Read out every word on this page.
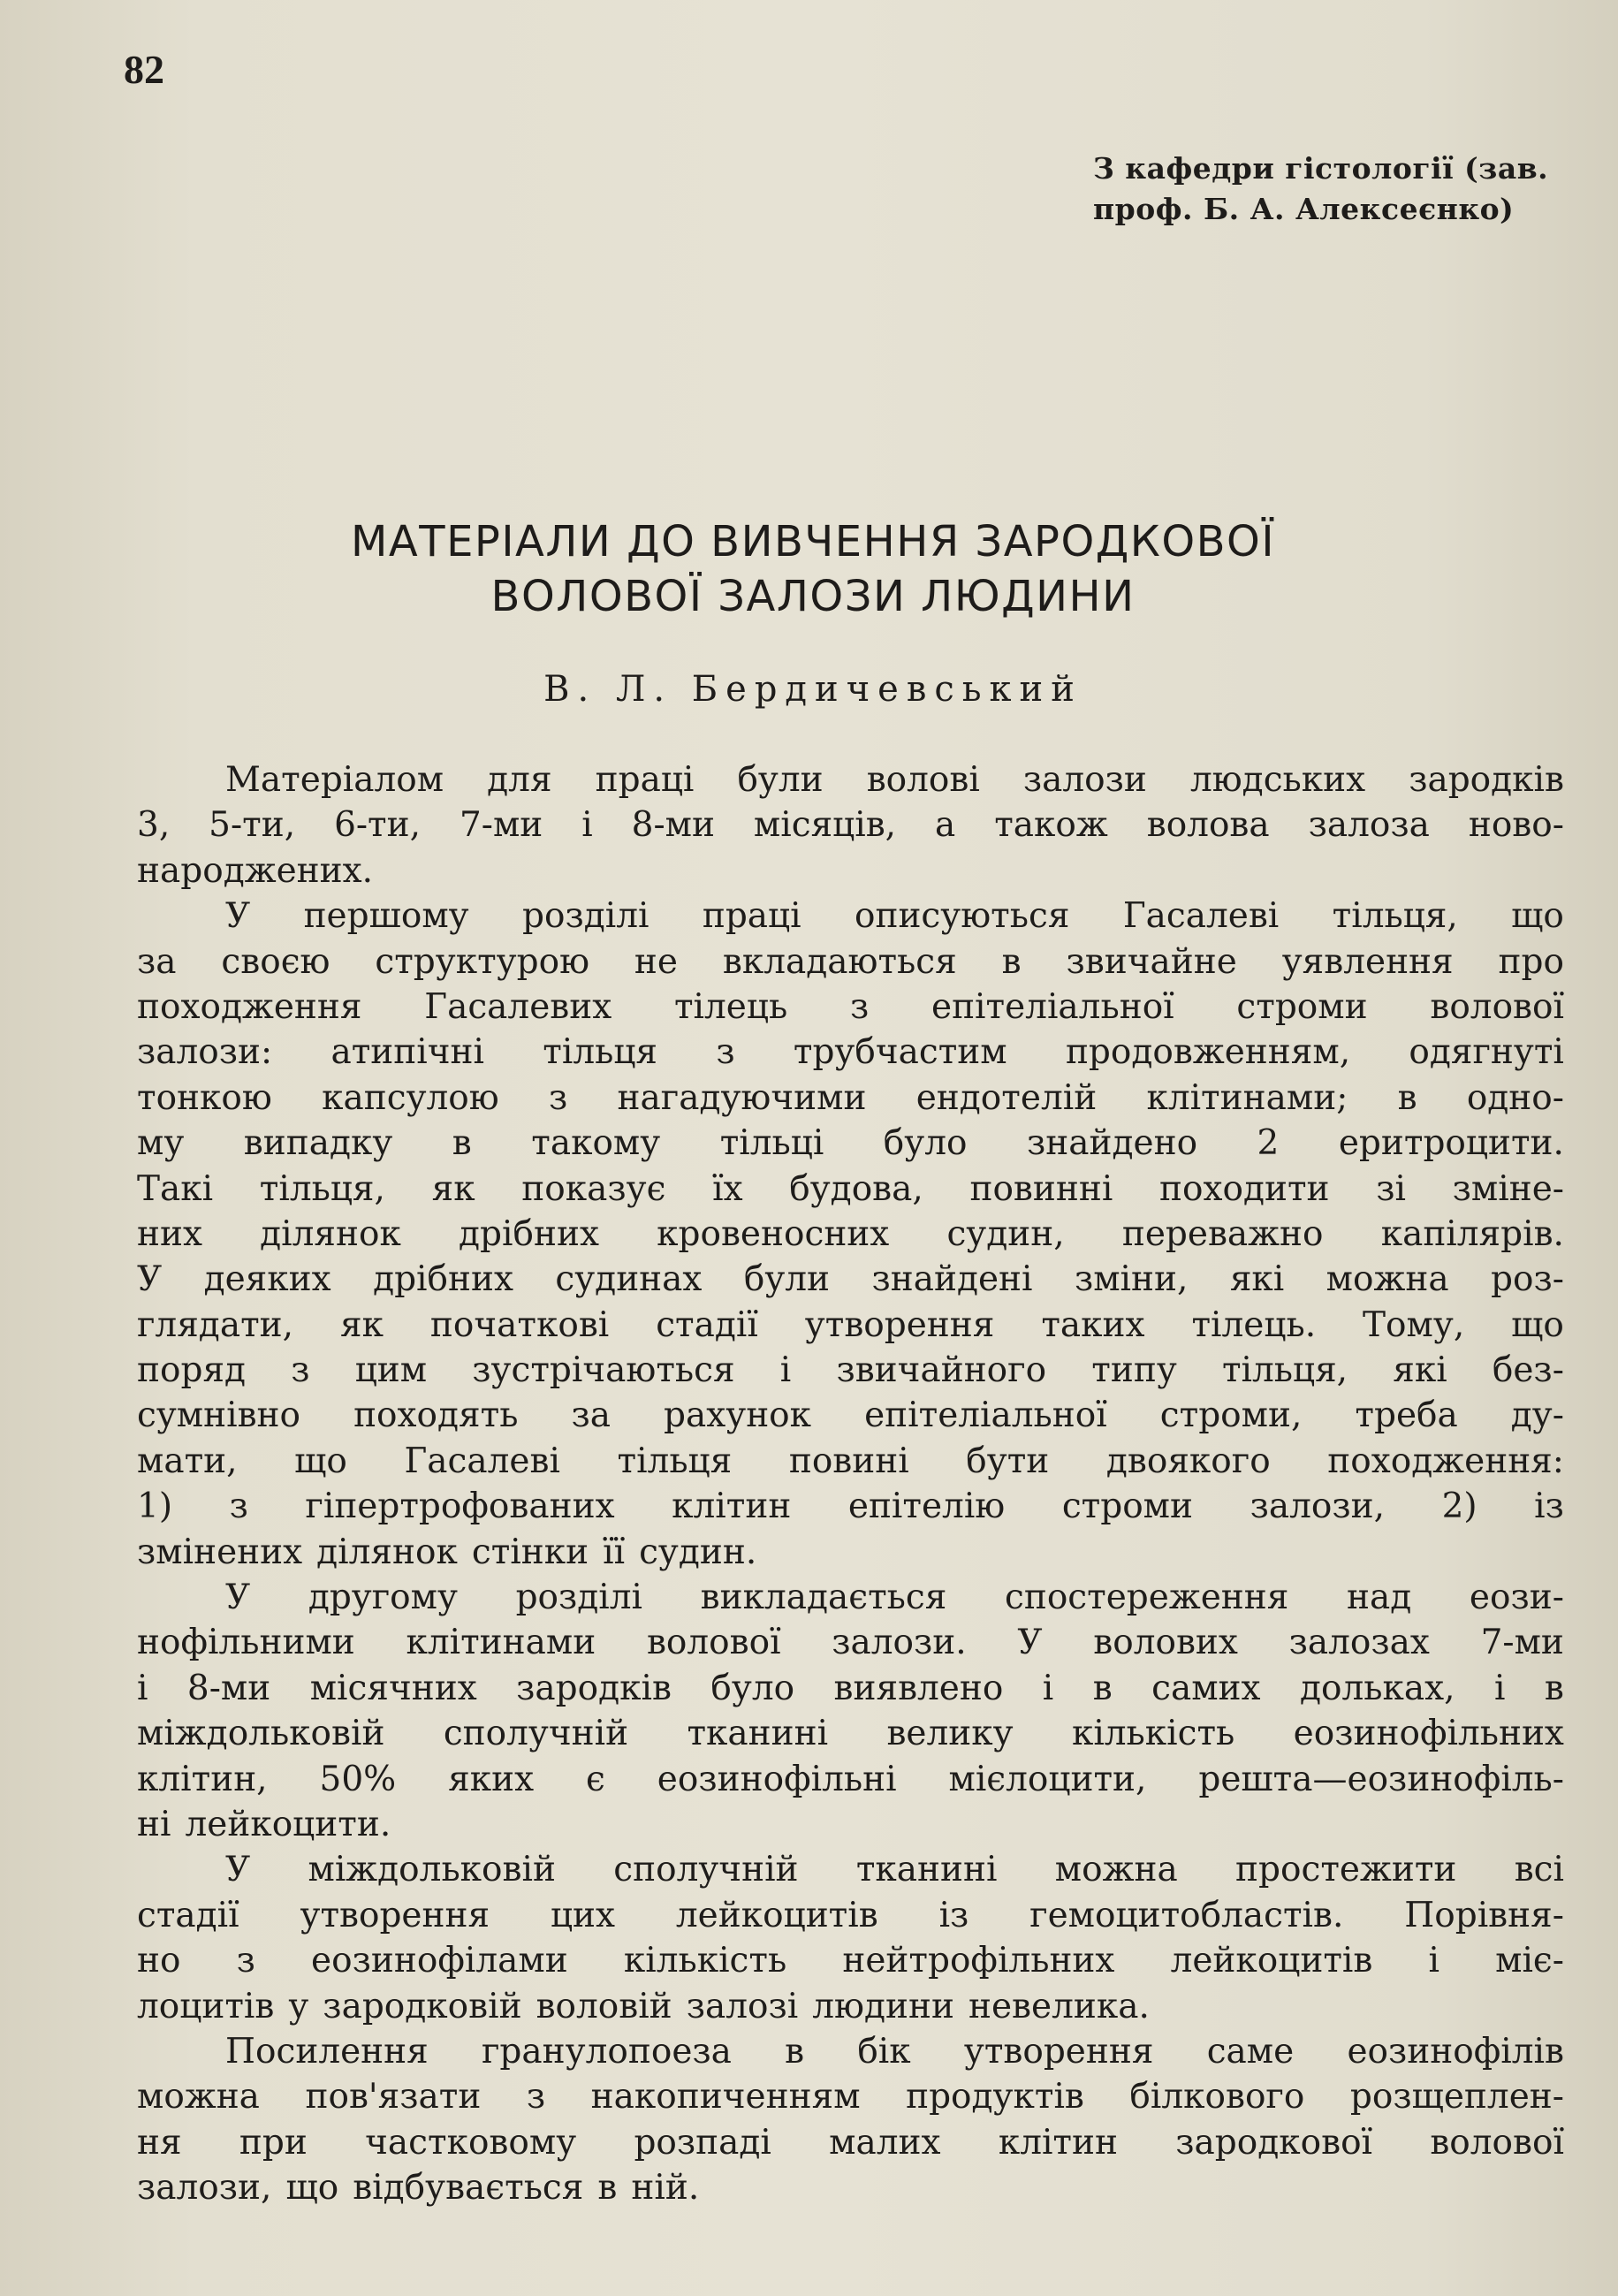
82
З кафедри гістології (зав.
проф. Б. А. Алексеєнко)
МАТЕРІАЛИ ДО ВИВЧЕННЯ ЗАРОДКОВОЇ
ВОЛОВОЇ ЗАЛОЗИ ЛЮДИНИ
В. Л. Бердичевський
Матеріалом для праці були волові залози людських зародків
3, 5-ти, 6-ти, 7-ми і 8-ми місяців, а також волова залоза ново-
народжених.
У першому розділі праці описуються Гасалеві тільця, що
за своєю структурою не вкладаються в звичайне уявлення про
походження Гасалевих тілець з епітеліальної строми волової
залози: атипічні тільця з трубчастим продовженням, одягнуті
тонкою капсулою з нагадуючими ендотелій клітинами; в одно-
му випадку в такому тільці було знайдено 2 еритроцити.
Такі тільця, як показує їх будова, повинні походити зі зміне-
них ділянок дрібних кровеносних судин, переважно капілярів.
У деяких дрібних судинах були знайдені зміни, які можна роз-
глядати, як початкові стадії утворення таких тілець. Тому, що
поряд з цим зустрічаються і звичайного типу тільця, які без-
сумнівно походять за рахунок епітеліальної строми, треба ду-
мати, що Гасалеві тільця повині бути двоякого походження:
1) з гіпертрофованих клітин епітелію строми залози, 2) із
змінених ділянок стінки її судин.
У другому розділі викладається спостереження над еози-
нофільними клітинами волової залози. У волових залозах 7-ми
і 8-ми місячних зародків було виявлено і в самих дольках, і в
міждольковій сполучній тканині велику кількість еозинофільних
клітин, 50% яких є еозинофільні мієлоцити, решта—еозинофіль-
ні лейкоцити.
У міждольковій сполучній тканині можна простежити всі
стадії утворення цих лейкоцитів із гемоцитобластів. Порівня-
но з еозинофілами кількість нейтрофільних лейкоцитів і міє-
лоцитів у зародковій воловій залозі людини невелика.
Посилення гранулопоеза в бік утворення саме еозинофілів
можна пов'язати з накопиченням продуктів білкового розщеплен-
ня при частковому розпаді малих клітин зародкової волової
залози, що відбувається в ній.
